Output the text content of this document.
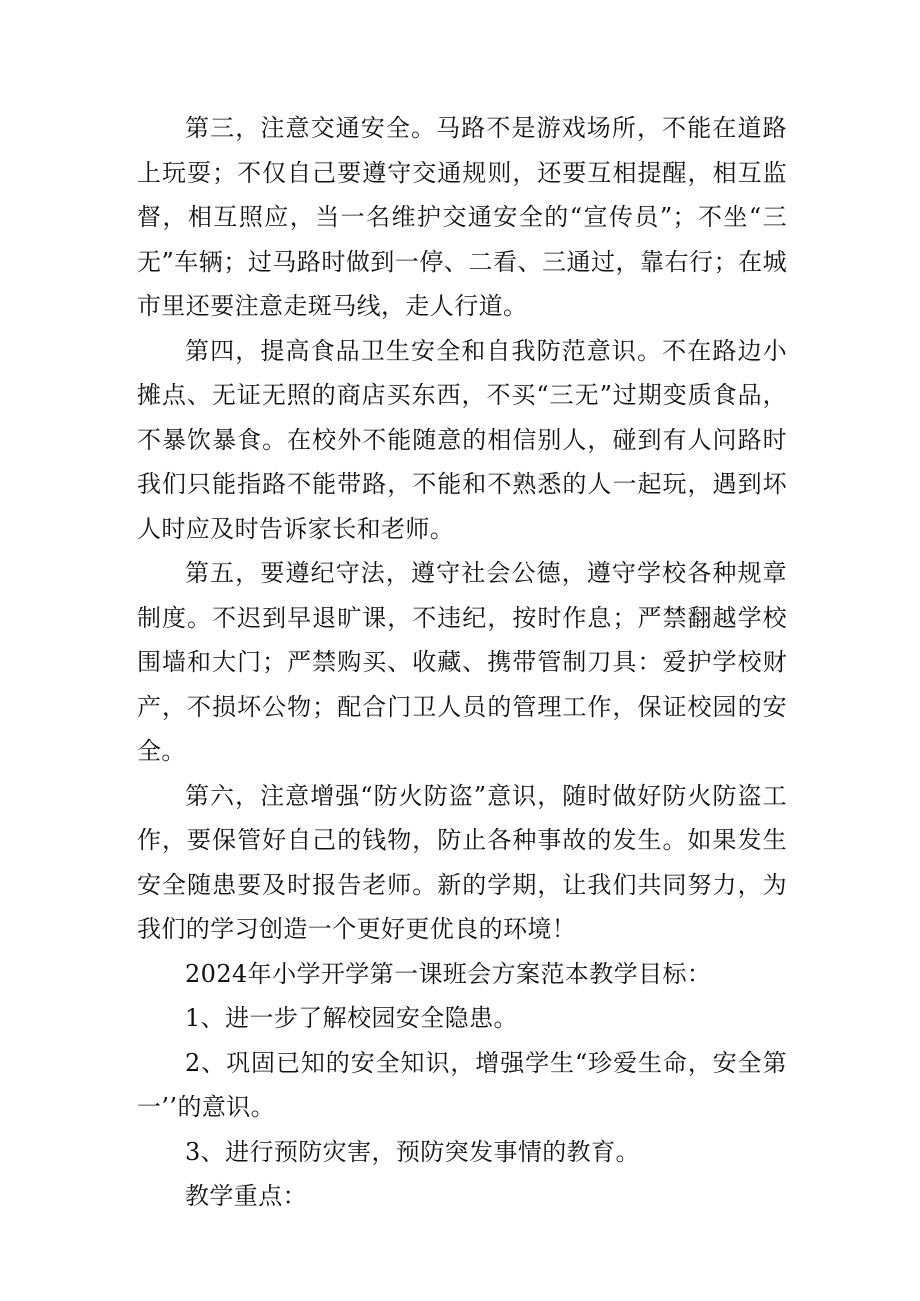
第三，注意交通安全。马路不是游戏场所，不能在道路上玩耍；不仅自己要遵守交通规则，还要互相提醒，相互监督，相互照应，当一名维护交通安全的“宣传员”；不坐“三无”车辆；过马路时做到一停、二看、三通过，靠右行；在城市里还要注意走斑马线，走人行道。

第四，提高食品卫生安全和自我防范意识。不在路边小摊点、无证无照的商店买东西，不买“三无”过期变质食品，不暴饮暴食。在校外不能随意的相信别人，碰到有人问路时我们只能指路不能带路，不能和不熟悉的人一起玩，遇到坏人时应及时告诉家长和老师。

第五，要遵纪守法，遵守社会公德，遵守学校各种规章制度。不迟到早退旷课，不违纪，按时作息；严禁翻越学校围墙和大门；严禁购买、收藏、携带管制刀具：爱护学校财产，不损坏公物；配合门卫人员的管理工作，保证校园的安全。

第六，注意增强“防火防盗”意识，随时做好防火防盗工作，要保管好自己的钱物，防止各种事故的发生。如果发生安全随患要及时报告老师。新的学期，让我们共同努力，为我们的学习创造一个更好更优良的环境！

2024年小学开学第一课班会方案范本教学目标：

1、进一步了解校园安全隐患。

2、巩固已知的安全知识，增强学生“珍爱生命，安全第一’’的意识。

3、进行预防灾害，预防突发事情的教育。

教学重点：
